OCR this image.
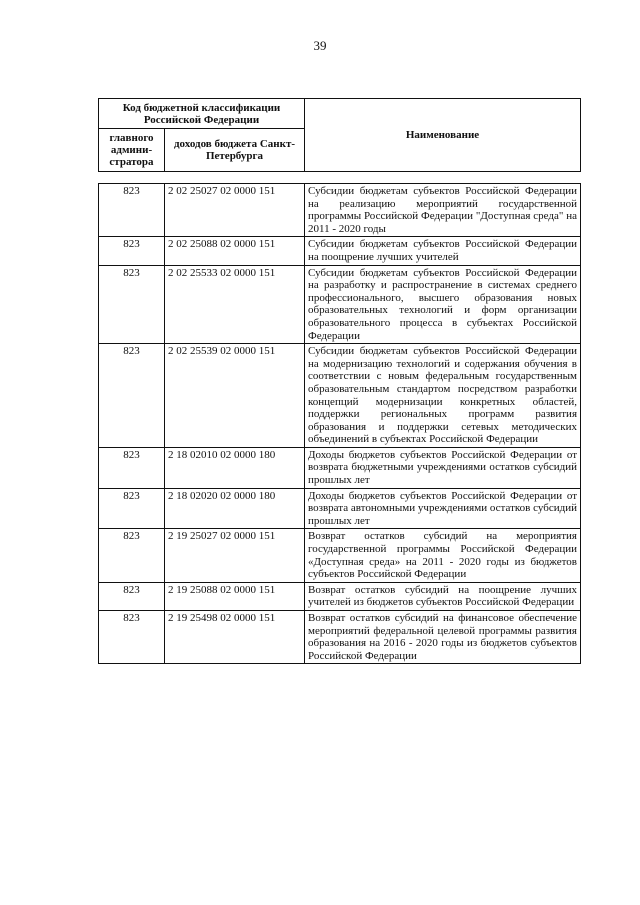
39
Код бюджетной классификации Российской Федерации		Наименование
главного админи-стратора	доходов бюджета Санкт-Петербурга	
823	2 02 25027 02 0000 151	Субсидии бюджетам субъектов Российской Федерации на реализацию мероприятий государственной программы Российской Федерации "Доступная среда" на 2011 - 2020 годы
823	2 02 25088 02 0000 151	Субсидии бюджетам субъектов Российской Федерации на поощрение лучших учителей
823	2 02 25533 02 0000 151	Субсидии бюджетам субъектов Российской Федерации на разработку и распространение в системах среднего профессионального, высшего образования новых образовательных технологий и форм организации образовательного процесса в субъектах Российской Федерации
823	2 02 25539 02 0000 151	Субсидии бюджетам субъектов Российской Федерации на модернизацию технологий и содержания обучения в соответствии с новым федеральным государственным образовательным стандартом посредством разработки концепций модернизации конкретных областей, поддержки региональных программ развития образования и поддержки сетевых методических объединений в субъектах Российской Федерации
823	2 18 02010 02 0000 180	Доходы бюджетов субъектов Российской Федерации от возврата бюджетными учреждениями остатков субсидий прошлых лет
823	2 18 02020 02 0000 180	Доходы бюджетов субъектов Российской Федерации от возврата автономными учреждениями остатков субсидий прошлых лет
823	2 19 25027 02 0000 151	Возврат остатков субсидий на мероприятия государственной программы Российской Федерации «Доступная среда» на 2011 - 2020 годы из бюджетов субъектов Российской Федерации
823	2 19 25088 02 0000 151	Возврат остатков субсидий на поощрение лучших учителей из бюджетов субъектов Российской Федерации
823	2 19 25498 02 0000 151	Возврат остатков субсидий на финансовое обеспечение мероприятий федеральной целевой программы развития образования на 2016 - 2020 годы из бюджетов субъектов Российской Федерации
